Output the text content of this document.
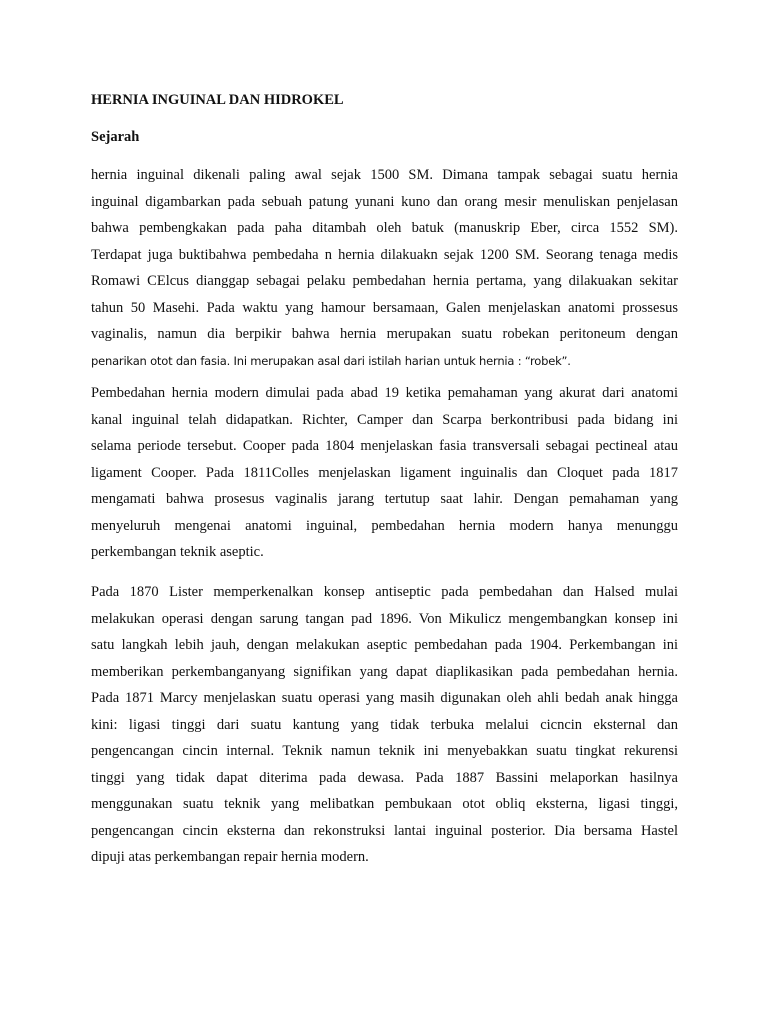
HERNIA INGUINAL DAN HIDROKEL
Sejarah
hernia inguinal dikenali paling awal sejak 1500 SM. Dimana tampak sebagai suatu hernia
inguinal digambarkan pada sebuah patung yunani kuno dan orang mesir menuliskan penjelasan
bahwa pembengkakan pada paha ditambah oleh batuk (manuskrip Eber, circa 1552 SM).
Terdapat juga buktibahwa pembedaha n hernia dilakuakn sejak 1200 SM. Seorang tenaga medis
Romawi CElcus dianggap sebagai pelaku pembedahan hernia pertama, yang dilakuakan sekitar
tahun 50 Masehi. Pada waktu yang hamour bersamaan, Galen menjelaskan anatomi prossesus
vaginalis, namun dia berpikir bahwa hernia merupakan suatu robekan peritoneum dengan
penarikan otot dan fasia. Ini merupakan asal dari istilah harian untuk hernia : “robek”.
Pembedahan hernia modern dimulai pada abad 19 ketika pemahaman yang akurat dari anatomi
kanal inguinal telah didapatkan. Richter, Camper dan Scarpa berkontribusi pada bidang ini
selama periode tersebut. Cooper pada 1804 menjelaskan fasia transversali sebagai pectineal atau
ligament Cooper. Pada 1811Colles menjelaskan ligament inguinalis dan Cloquet pada 1817
mengamati bahwa prosesus vaginalis jarang tertutup saat lahir. Dengan pemahaman yang
menyeluruh mengenai anatomi inguinal, pembedahan hernia modern hanya menunggu
perkembangan teknik aseptic.
Pada 1870 Lister memperkenalkan konsep antiseptic pada pembedahan dan Halsed mulai
melakukan operasi dengan sarung tangan pad 1896. Von Mikulicz mengembangkan konsep ini
satu langkah lebih jauh, dengan melakukan aseptic pembedahan pada 1904. Perkembangan ini
memberikan perkembanganyang signifikan yang dapat diaplikasikan pada pembedahan hernia.
Pada 1871 Marcy menjelaskan suatu operasi yang masih digunakan oleh ahli bedah anak hingga
kini: ligasi tinggi dari suatu kantung yang tidak terbuka melalui cicncin eksternal dan
pengencangan cincin internal. Teknik namun teknik ini menyebakkan suatu tingkat rekurensi
tinggi yang tidak dapat diterima pada dewasa. Pada 1887 Bassini melaporkan hasilnya
menggunakan suatu teknik yang melibatkan pembukaan otot obliq eksterna, ligasi tinggi,
pengencangan cincin eksterna dan rekonstruksi lantai inguinal posterior. Dia bersama Hastel
dipuji atas perkembangan repair hernia modern.
